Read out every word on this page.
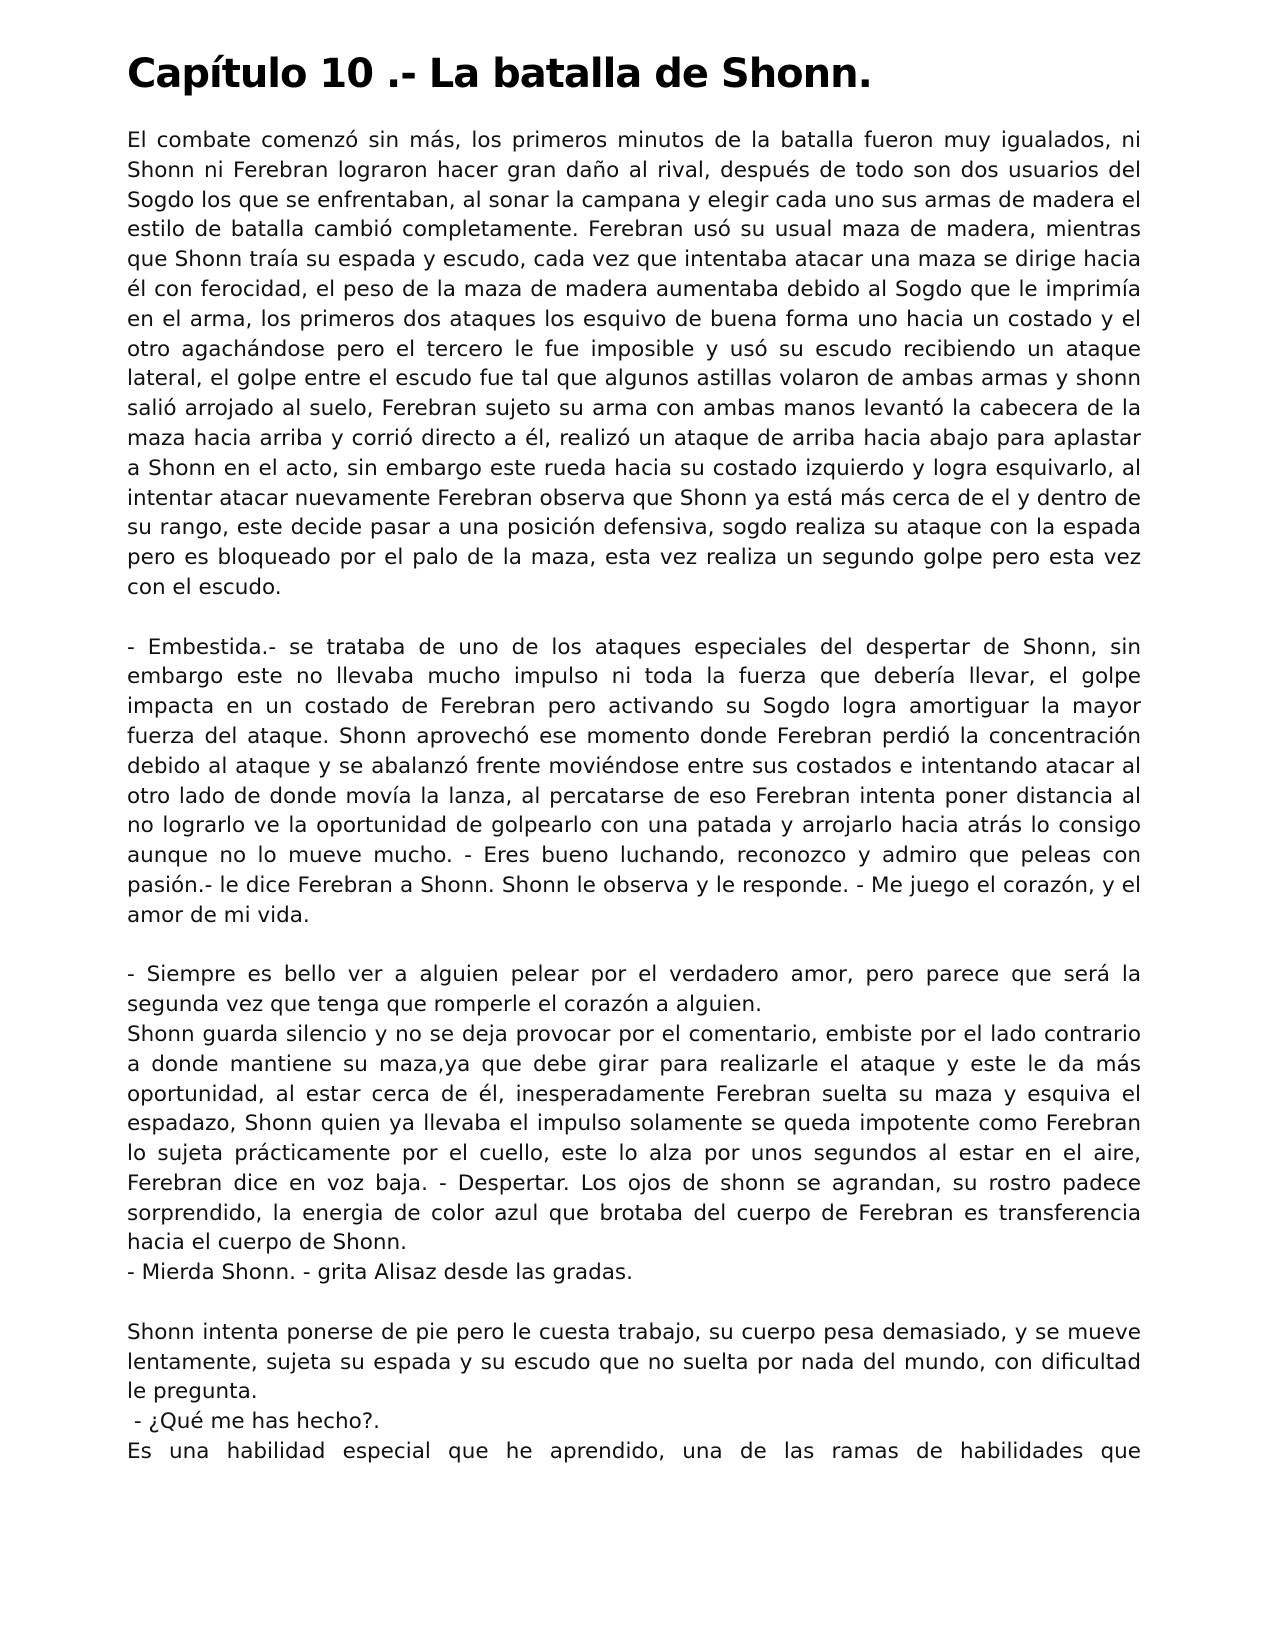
Capítulo 10 .- La batalla de Shonn.

El combate comenzó sin más, los primeros minutos de la batalla fueron muy igualados, ni Shonn ni Ferebran lograron hacer gran daño al rival, después de todo son dos usuarios del Sogdo los que se enfrentaban, al sonar la campana y elegir cada uno sus armas de madera el estilo de batalla cambió completamente. Ferebran usó su usual maza de madera, mientras que Shonn traía su espada y escudo, cada vez que intentaba atacar una maza se dirige hacia él con ferocidad, el peso de la maza de madera aumentaba debido al Sogdo que le imprimía en el arma, los primeros dos ataques los esquivo de buena forma uno hacia un costado y el otro agachándose pero el tercero le fue imposible y usó su escudo recibiendo un ataque lateral, el golpe entre el escudo fue tal que algunos astillas volaron de ambas armas y shonn salió arrojado al suelo, Ferebran sujeto su arma con ambas manos levantó la cabecera de la maza hacia arriba y corrió directo a él, realizó un ataque de arriba hacia abajo para aplastar a Shonn en el acto, sin embargo este rueda hacia su costado izquierdo y logra esquivarlo, al intentar atacar nuevamente Ferebran observa que Shonn ya está más cerca de el y dentro de su rango, este decide pasar a una posición defensiva, sogdo realiza su ataque con la espada pero es bloqueado por el palo de la maza, esta vez realiza un segundo golpe pero esta vez con el escudo.

- Embestida.- se trataba de uno de los ataques especiales del despertar de Shonn, sin embargo este no llevaba mucho impulso ni toda la fuerza que debería llevar, el golpe impacta en un costado de Ferebran pero activando su Sogdo logra amortiguar la mayor fuerza del ataque. Shonn aprovechó ese momento donde Ferebran perdió la concentración debido al ataque y se abalanzó frente moviéndose entre sus costados e intentando atacar al otro lado de donde movía la lanza, al percatarse de eso Ferebran intenta poner distancia al no lograrlo ve la oportunidad de golpearlo con una patada y arrojarlo hacia atrás lo consigo aunque no lo mueve mucho. - Eres bueno luchando, reconozco y admiro que peleas con pasión.- le dice Ferebran a Shonn. Shonn le observa y le responde. - Me juego el corazón, y el amor de mi vida.

- Siempre es bello ver a alguien pelear por el verdadero amor, pero parece que será la segunda vez que tenga que romperle el corazón a alguien.

Shonn guarda silencio y no se deja provocar por el comentario, embiste por el lado contrario a donde mantiene su maza,ya que debe girar para realizarle el ataque y este le da más oportunidad, al estar cerca de él, inesperadamente Ferebran suelta su maza y esquiva el espadazo, Shonn quien ya llevaba el impulso solamente se queda impotente como Ferebran lo sujeta prácticamente por el cuello, este lo alza por unos segundos al estar en el aire, Ferebran dice en voz baja. - Despertar. Los ojos de shonn se agrandan, su rostro padece sorprendido, la energia de color azul que brotaba del cuerpo de Ferebran es transferencia hacia el cuerpo de Shonn.

- Mierda Shonn. - grita Alisaz desde las gradas.

Shonn intenta ponerse de pie pero le cuesta trabajo, su cuerpo pesa demasiado, y se mueve lentamente, sujeta su espada y su escudo que no suelta por nada del mundo, con dificultad le pregunta.

- ¿Qué me has hecho?.

Es una habilidad especial que he aprendido, una de las ramas de habilidades que
